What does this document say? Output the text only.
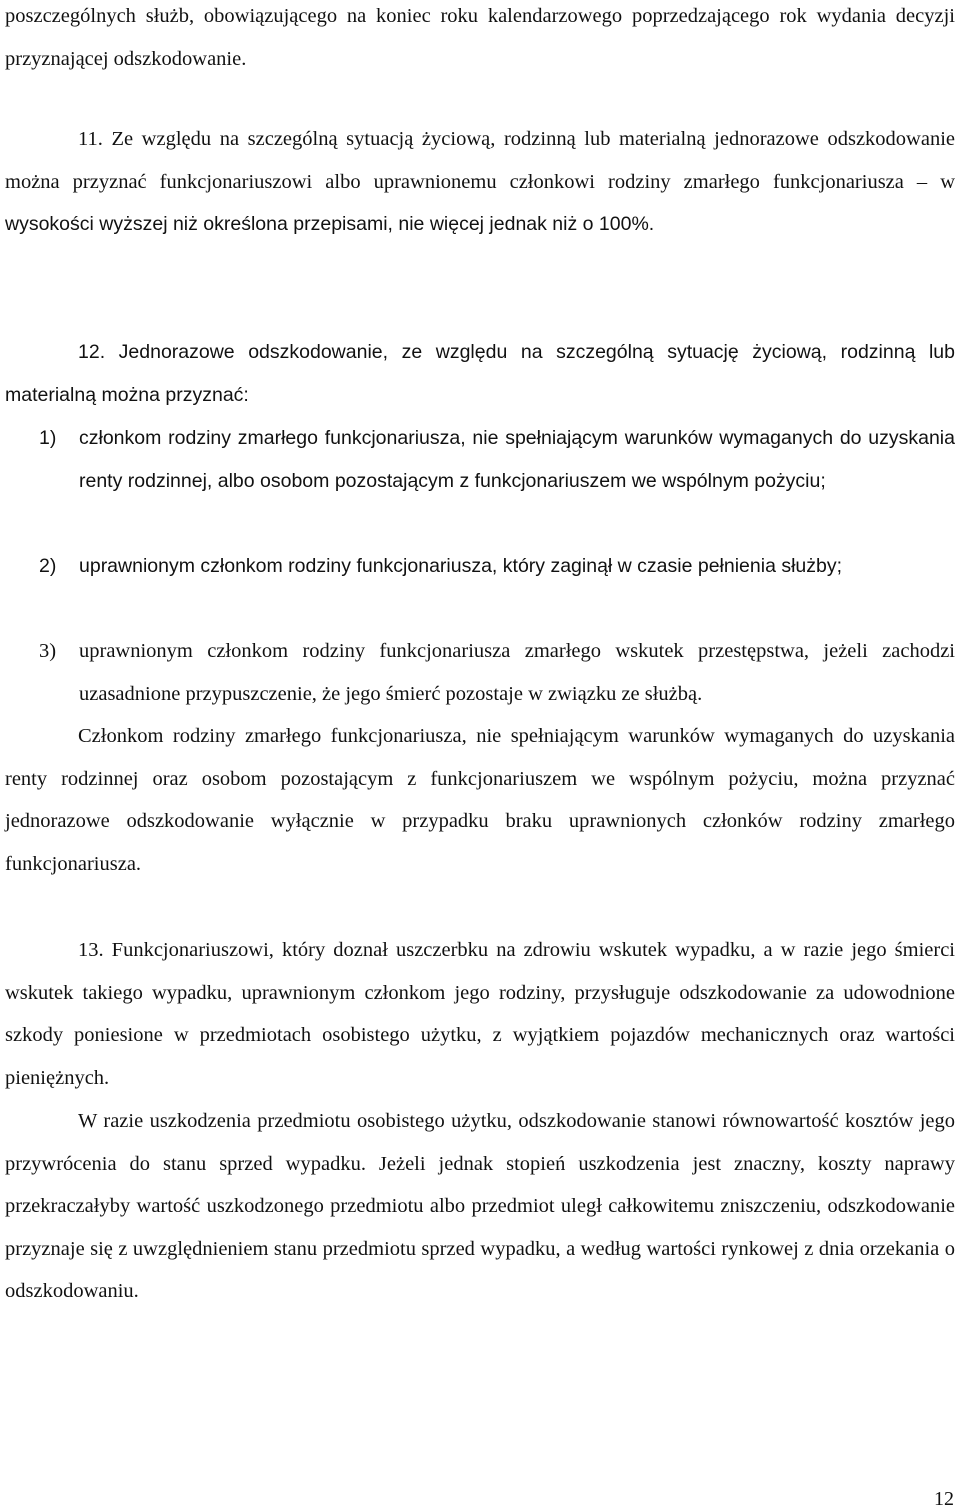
poszczególnych służb, obowiązującego na koniec roku kalendarzowego poprzedzającego rok wydania decyzji przyznającej odszkodowanie.

11. Ze względu na szczególną sytuacją życiową, rodzinną lub materialną jednorazowe odszkodowanie można przyznać funkcjonariuszowi albo uprawnionemu członkowi rodziny zmarłego funkcjonariusza – w wysokości wyższej niż określona przepisami, nie więcej jednak niż o 100%.

12. Jednorazowe odszkodowanie, ze względu na szczególną sytuację życiową, rodzinną lub materialną można przyznać:

1) członkom rodziny zmarłego funkcjonariusza, nie spełniającym warunków wymaganych do uzyskania renty rodzinnej, albo osobom pozostającym z funkcjonariuszem we wspólnym pożyciu;
2) uprawnionym członkom rodziny funkcjonariusza, który zaginął w czasie pełnienia służby;
3) uprawnionym członkom rodziny funkcjonariusza zmarłego wskutek przestępstwa, jeżeli zachodzi uzasadnione przypuszczenie, że jego śmierć pozostaje w związku ze służbą.

Członkom rodziny zmarłego funkcjonariusza, nie spełniającym warunków wymaganych do uzyskania renty rodzinnej oraz osobom pozostającym z funkcjonariuszem we wspólnym pożyciu, można przyznać jednorazowe odszkodowanie wyłącznie w przypadku braku uprawnionych członków rodziny zmarłego funkcjonariusza.

13. Funkcjonariuszowi, który doznał uszczerbku na zdrowiu wskutek wypadku, a w razie jego śmierci wskutek takiego wypadku, uprawnionym członkom jego rodziny, przysługuje odszkodowanie za udowodnione szkody poniesione w przedmiotach osobistego użytku, z wyjątkiem pojazdów mechanicznych oraz wartości pieniężnych.

W razie uszkodzenia przedmiotu osobistego użytku, odszkodowanie stanowi równowartość kosztów jego przywrócenia do stanu sprzed wypadku. Jeżeli jednak stopień uszkodzenia jest znaczny, koszty naprawy przekraczałyby wartość uszkodzonego przedmiotu albo przedmiot uległ całkowitemu zniszczeniu, odszkodowanie przyznaje się z uwzględnieniem stanu przedmiotu sprzed wypadku, a według wartości rynkowej z dnia orzekania o odszkodowaniu.

12
